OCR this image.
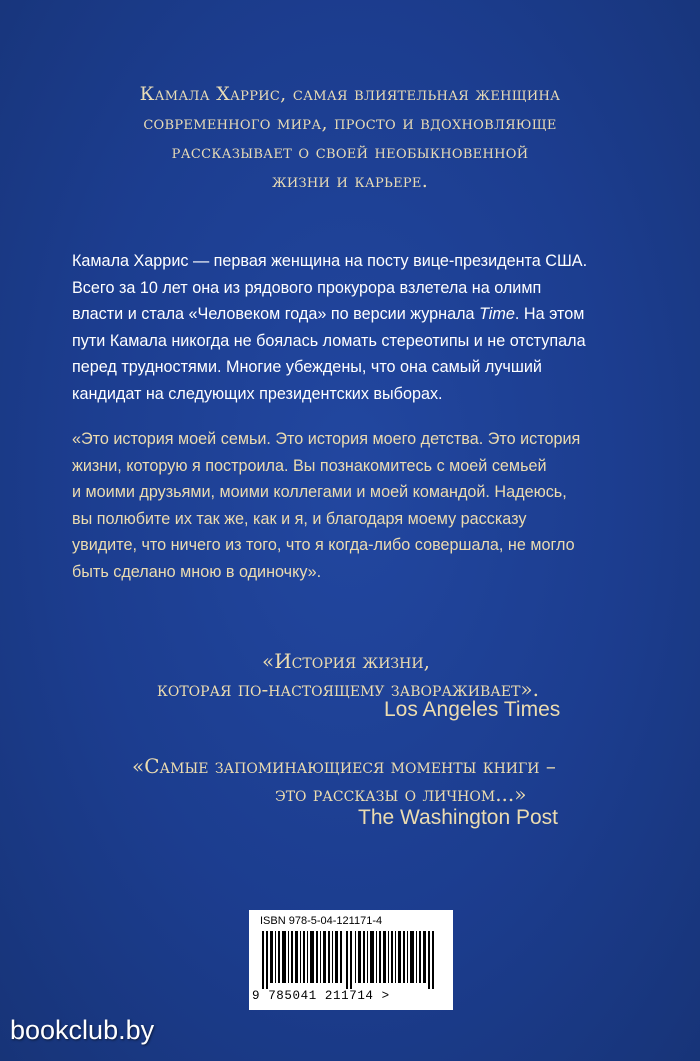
Камала Харрис, самая влиятельная женщина
современного мира, просто и вдохновляюще
рассказывает о своей необыкновенной
жизни и карьере.
Камала Харрис — первая женщина на посту вице-президента США.
Всего за 10 лет она из рядового прокурора взлетела на олимп
власти и стала «Человеком года» по версии журнала Time. На этом
пути Камала никогда не боялась ломать стереотипы и не отступала
перед трудностями. Многие убеждены, что она самый лучший
кандидат на следующих президентских выборах.
«Это история моей семьи. Это история моего детства. Это история
жизни, которую я построила. Вы познакомитесь с моей семьей
и моими друзьями, моими коллегами и моей командой. Надеюсь,
вы полюбите их так же, как и я, и благодаря моему рассказу
увидите, что ничего из того, что я когда-либо совершала, не могло
быть сделано мною в одиночку».
«История жизни,
которая по-настоящему завораживает».
Los Angeles Times
«Самые запоминающиеся моменты книги –
это рассказы о личном...»
The Washington Post
ISBN 978-5-04-121171-4
9 785041 211714 >
bookclub.by
